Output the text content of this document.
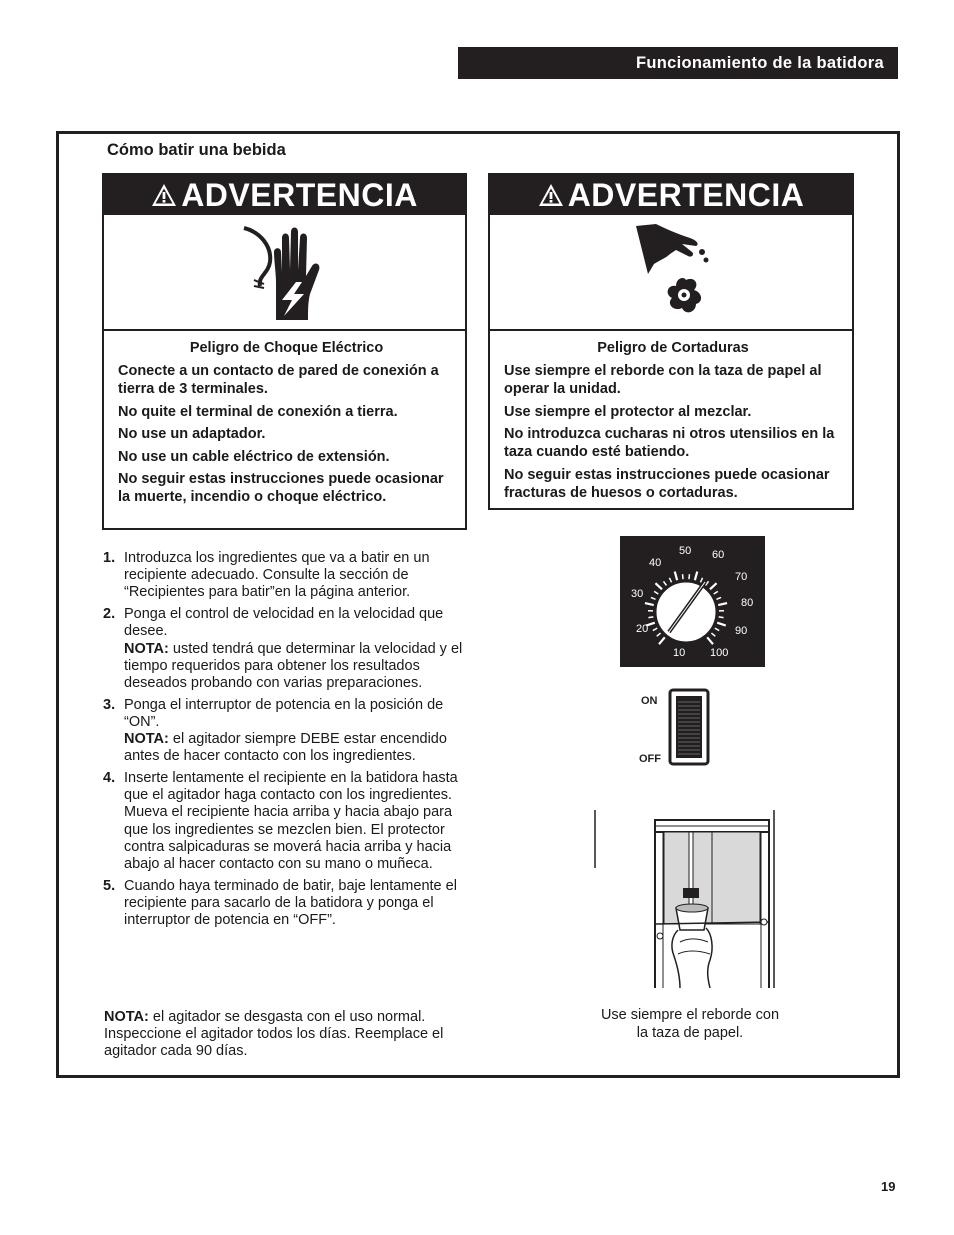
Funcionamiento de la batidora
Cómo batir una bebida
ADVERTENCIA
Peligro de Choque Eléctrico
Conecte a un contacto de pared de conexión a tierra de 3 terminales.
No quite el terminal de conexión a tierra.
No use un adaptador.
No use un cable eléctrico de extensión.
No seguir estas instrucciones puede ocasionar la muerte, incendio o choque eléctrico.
ADVERTENCIA
Peligro de Cortaduras
Use siempre el reborde con la taza de papel al operar la unidad.
Use siempre el protector al mezclar.
No introduzca cucharas ni otros utensilios en la taza cuando esté batiendo.
No seguir estas instrucciones puede ocasionar fracturas de huesos o cortaduras.
1. Introduzca los ingredientes que va a batir en un recipiente adecuado. Consulte la sección de “Recipientes para batir”en la página anterior.
2. Ponga el control de velocidad en la velocidad que desee.
NOTA: usted tendrá que determinar la velocidad y el tiempo requeridos para obtener los resultados deseados probando con varias preparaciones.
3. Ponga el interruptor de potencia en la posición de “ON”.
NOTA: el agitador siempre DEBE estar encendido antes de hacer contacto con los ingredientes.
4. Inserte lentamente el recipiente en la batidora hasta que el agitador haga contacto con los ingredientes. Mueva el recipiente hacia arriba y hacia abajo para que los ingredientes se mezclen bien. El protector contra salpicaduras se moverá hacia arriba y hacia abajo al hacer contacto con su mano o muñeca.
5. Cuando haya terminado de batir, baje lentamente el recipiente para sacarlo de la batidora y ponga el interruptor de potencia en “OFF”.
NOTA: el agitador se desgasta con el uso normal. Inspeccione el agitador todos los días. Reemplace el agitador cada 90 días.
10
20
30
40
50 60
70
80
90
100
ON
OFF
Use siempre el reborde con la taza de papel.
19
